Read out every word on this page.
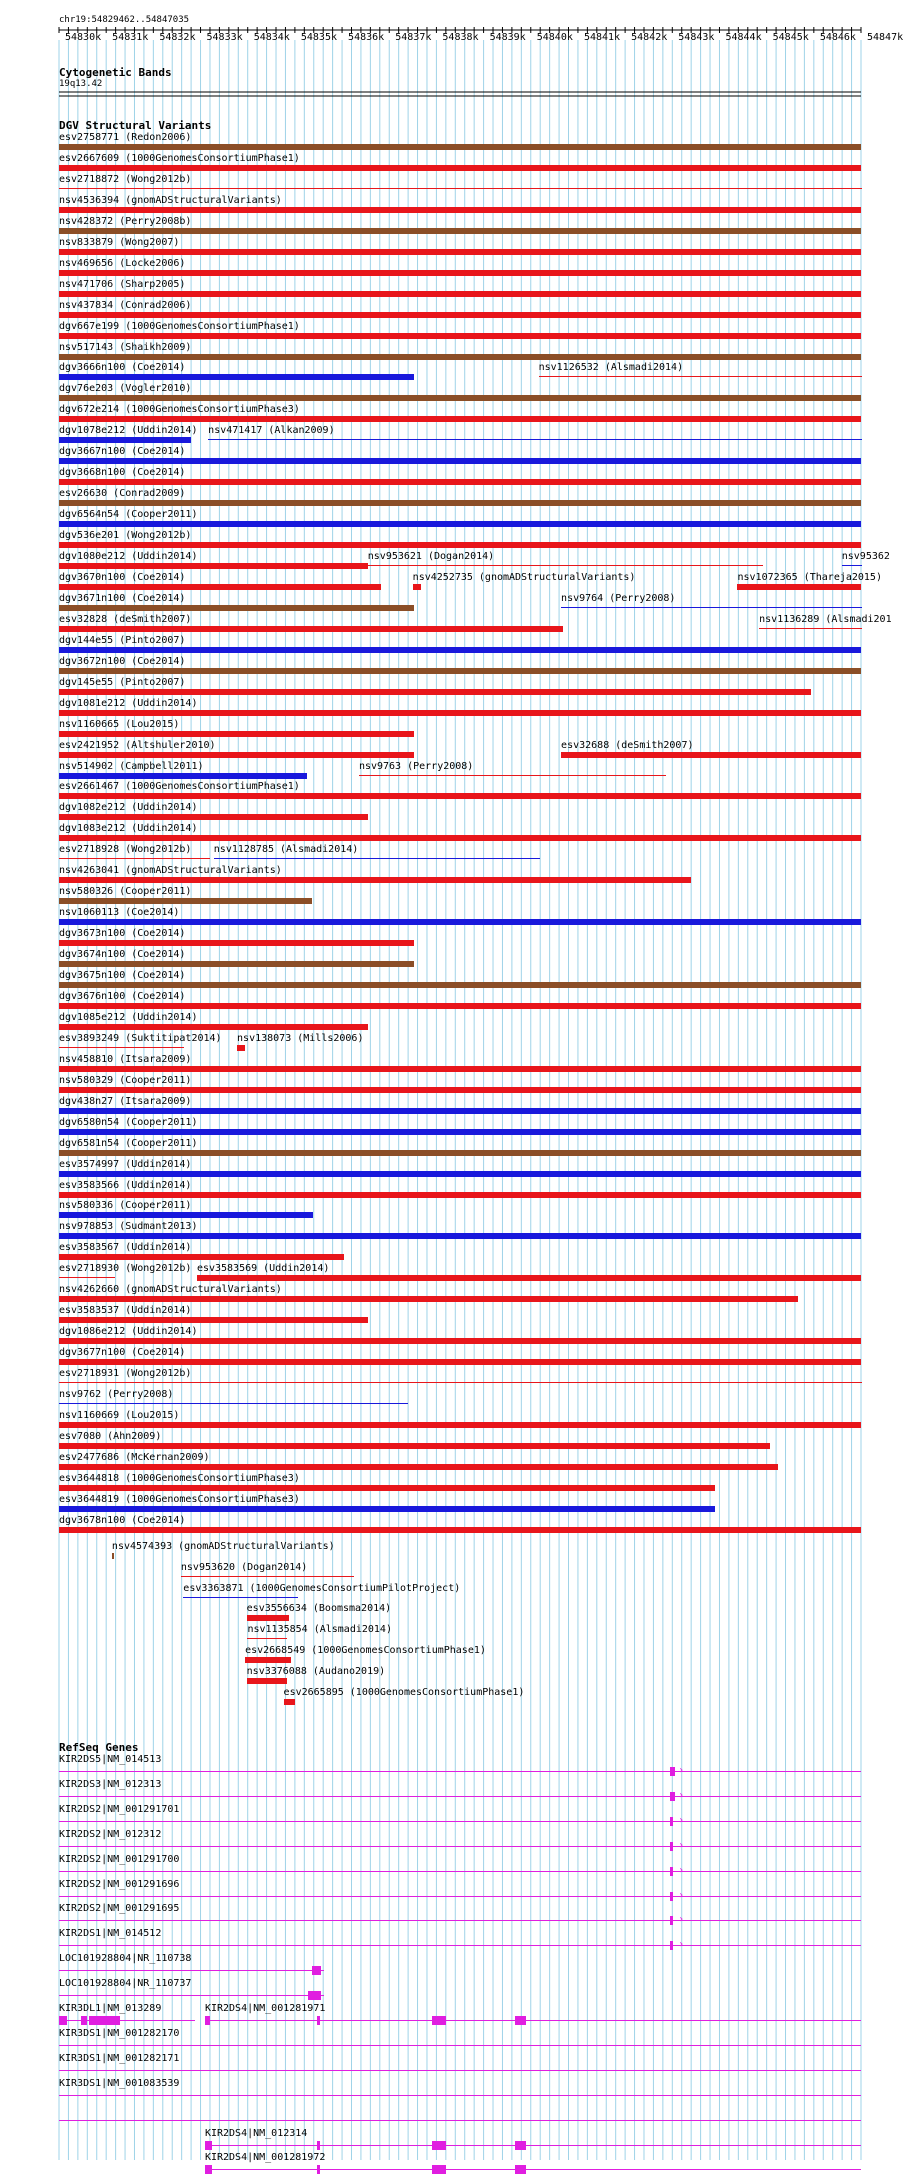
chr19:54829462..54847035
54830k 54831k 54832k 54833k 54834k 54835k 54836k 54837k 54838k 54839k 54840k 54841k 54842k 54843k 54844k 54845k 54846k 54847k
Cytogenetic Bands
19q13.42
DGV Structural Variants
esv2758771 (Redon2006)
esv2667609 (1000GenomesConsortiumPhase1)
esv2718872 (Wong2012b)
nsv4536394 (gnomADStructuralVariants)
nsv428372 (Perry2008b)
nsv833879 (Wong2007)
nsv469656 (Locke2006)
nsv471706 (Sharp2005)
nsv437834 (Conrad2006)
dgv667e199 (1000GenomesConsortiumPhase1)
nsv517143 (Shaikh2009)
dgv3666n100 (Coe2014)	nsv1126532 (Alsmadi2014)
dgv76e203 (Vogler2010)
dgv672e214 (1000GenomesConsortiumPhase3)
dgv1078e212 (Uddin2014) nsv471417 (Alkan2009)
dgv3667n100 (Coe2014)
dgv3668n100 (Coe2014)
esv26630 (Conrad2009)
dgv6564n54 (Cooper2011)
dgv536e201 (Wong2012b)
dgv1080e212 (Uddin2014)	nsv953621 (Dogan2014)	nsv95362
dgv3670n100 (Coe2014)	nsv4252735 (gnomADStructuralVariants)	nsv1072365 (Thareja2015)
dgv3671n100 (Coe2014)	nsv9764 (Perry2008)
esv32828 (deSmith2007)	nsv1136289 (Alsmadi201
dgv144e55 (Pinto2007)
dgv3672n100 (Coe2014)
dgv145e55 (Pinto2007)
dgv1081e212 (Uddin2014)
nsv1160665 (Lou2015)
esv2421952 (Altshuler2010)	esv32688 (deSmith2007)
nsv514902 (Campbell2011)	nsv9763 (Perry2008)
esv2661467 (1000GenomesConsortiumPhase1)
dgv1082e212 (Uddin2014)
dgv1083e212 (Uddin2014)
esv2718928 (Wong2012b) nsv1128785 (Alsmadi2014)
nsv4263041 (gnomADStructuralVariants)
nsv580326 (Cooper2011)
nsv1060113 (Coe2014)
dgv3673n100 (Coe2014)
dgv3674n100 (Coe2014)
dgv3675n100 (Coe2014)
dgv3676n100 (Coe2014)
dgv1085e212 (Uddin2014)
esv3893249 (Suktitipat2014) nsv138073 (Mills2006)
nsv458810 (Itsara2009)
nsv580329 (Cooper2011)
dgv438n27 (Itsara2009)
dgv6580n54 (Cooper2011)
dgv6581n54 (Cooper2011)
esv3574997 (Uddin2014)
esv3583566 (Uddin2014)
nsv580336 (Cooper2011)
nsv978853 (Sudmant2013)
esv3583567 (Uddin2014)
esv2718930 (Wong2012b) esv3583569 (Uddin2014)
nsv4262660 (gnomADStructuralVariants)
esv3583537 (Uddin2014)
dgv1086e212 (Uddin2014)
dgv3677n100 (Coe2014)
esv2718931 (Wong2012b)
nsv9762 (Perry2008)
nsv1160669 (Lou2015)
esv7080 (Ahn2009)
esv2477686 (McKernan2009)
esv3644818 (1000GenomesConsortiumPhase3)
esv3644819 (1000GenomesConsortiumPhase3)
dgv3678n100 (Coe2014)
nsv4574393 (gnomADStructuralVariants)
nsv953620 (Dogan2014)
esv3363871 (1000GenomesConsortiumPilotProject)
esv3556634 (Boomsma2014)
nsv1135854 (Alsmadi2014)
esv2668549 (1000GenomesConsortiumPhase1)
nsv3376088 (Audano2019)
esv2665895 (1000GenomesConsortiumPhase1)
RefSeq Genes
KIR2DS5|NM_014513
›
KIR2DS3|NM_012313
›
KIR2DS2|NM_001291701
›
KIR2DS2|NM_012312
›
KIR2DS2|NM_001291700
›
KIR2DS2|NM_001291696
›
KIR2DS2|NM_001291695
›
KIR2DS1|NM_014512
›
LOC101928804|NR_110738
LOC101928804|NR_110737
KIR3DL1|NM_013289	KIR2DS4|NM_001281971
KIR3DS1|NM_001282170
KIR3DS1|NM_001282171
KIR3DS1|NM_001083539
KIR2DS4|NM_012314
KIR2DS4|NM_001281972
